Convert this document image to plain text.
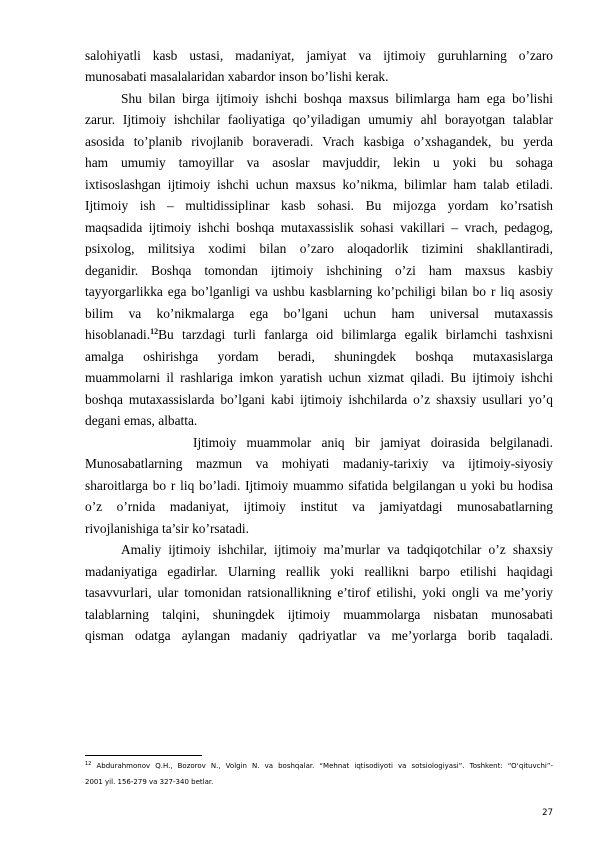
salohiyatli kasb ustasi, madaniyat, jamiyat va ijtimoiy guruhlarning o’zaro
munosabati masalalaridan xabardor inson bo’lishi kerak.
Shu bilan birga ijtimoiy ishchi boshqa maxsus bilimlarga ham ega bo’lishi
zarur. Ijtimoiy ishchilar faoliyatiga qo’yiladigan umumiy ahl borayotgan talablar
asosida to’planib rivojlanib boraveradi. Vrach kasbiga o’xshagandek, bu yerda
ham umumiy tamoyillar va asoslar mavjuddir, lekin u yoki bu sohaga
ixtisoslashgan ijtimoiy ishchi uchun maxsus ko’nikma, bilimlar ham talab etiladi.
Ijtimoiy ish – multidissiplinar kasb sohasi. Bu mijozga yordam ko’rsatish
maqsadida ijtimoiy ishchi boshqa mutaxassislik sohasi vakillari – vrach, pedagog,
psixolog, militsiya xodimi bilan o’zaro aloqadorlik tizimini shakllantiradi,
deganidir. Boshqa tomondan ijtimoiy ishchining o’zi ham maxsus kasbiy
tayyorgarlikka ega bo’lganligi va ushbu kasblarning ko’pchiligi bilan bo r liq asosiy
bilim va ko’nikmalarga ega bo’lgani uchun ham universal mutaxassis
hisoblanadi.$^{12}$ Bu tarzdagi turli fanlarga oid bilimlarga egalik birlamchi tashxisni
amalga oshirishga yordam beradi, shuningdek boshqa mutaxasislarga
muammolarni il rashlariga imkon yaratish uchun xizmat qiladi. Bu ijtimoiy ishchi
boshqa mutaxassislarda bo’lgani kabi ijtimoiy ishchilarda o’z shaxsiy usullari yo’q
degani emas, albatta.
Ijtimoiy muammolar aniq bir jamiyat doirasida belgilanadi.
Munosabatlarning mazmun va mohiyati madaniy-tarixiy va ijtimoiy-siyosiy
sharoitlarga bo r liq bo’ladi. Ijtimoiy muammo sifatida belgilangan u yoki bu hodisa
o’z o’rnida madaniyat, ijtimoiy institut va jamiyatdagi munosabatlarning
rivojlanishiga ta’sir ko’rsatadi.
Amaliy ijtimoiy ishchilar, ijtimoiy ma’murlar va tadqiqotchilar o’z shaxsiy
madaniyatiga egadirlar. Ularning reallik yoki reallikni barpo etilishi haqidagi
tasavvurlari, ular tomonidan ratsionallikning e’tirof etilishi, yoki ongli va me’yoriy
talablarning talqini, shuningdek ijtimoiy muammolarga nisbatan munosabati
qisman odatga aylangan madaniy qadriyatlar va me’yorlarga borib taqaladi.
$^{12}$ Abdurahmonov Q.H., Bozorov N., Volgin N. va boshqalar. “Mehnat iqtisodiyoti va sotsiologiyasi”. Toshkent: “O‘qituvchi”-
2001 yil. 156-279 va 327-340 betlar.
27
